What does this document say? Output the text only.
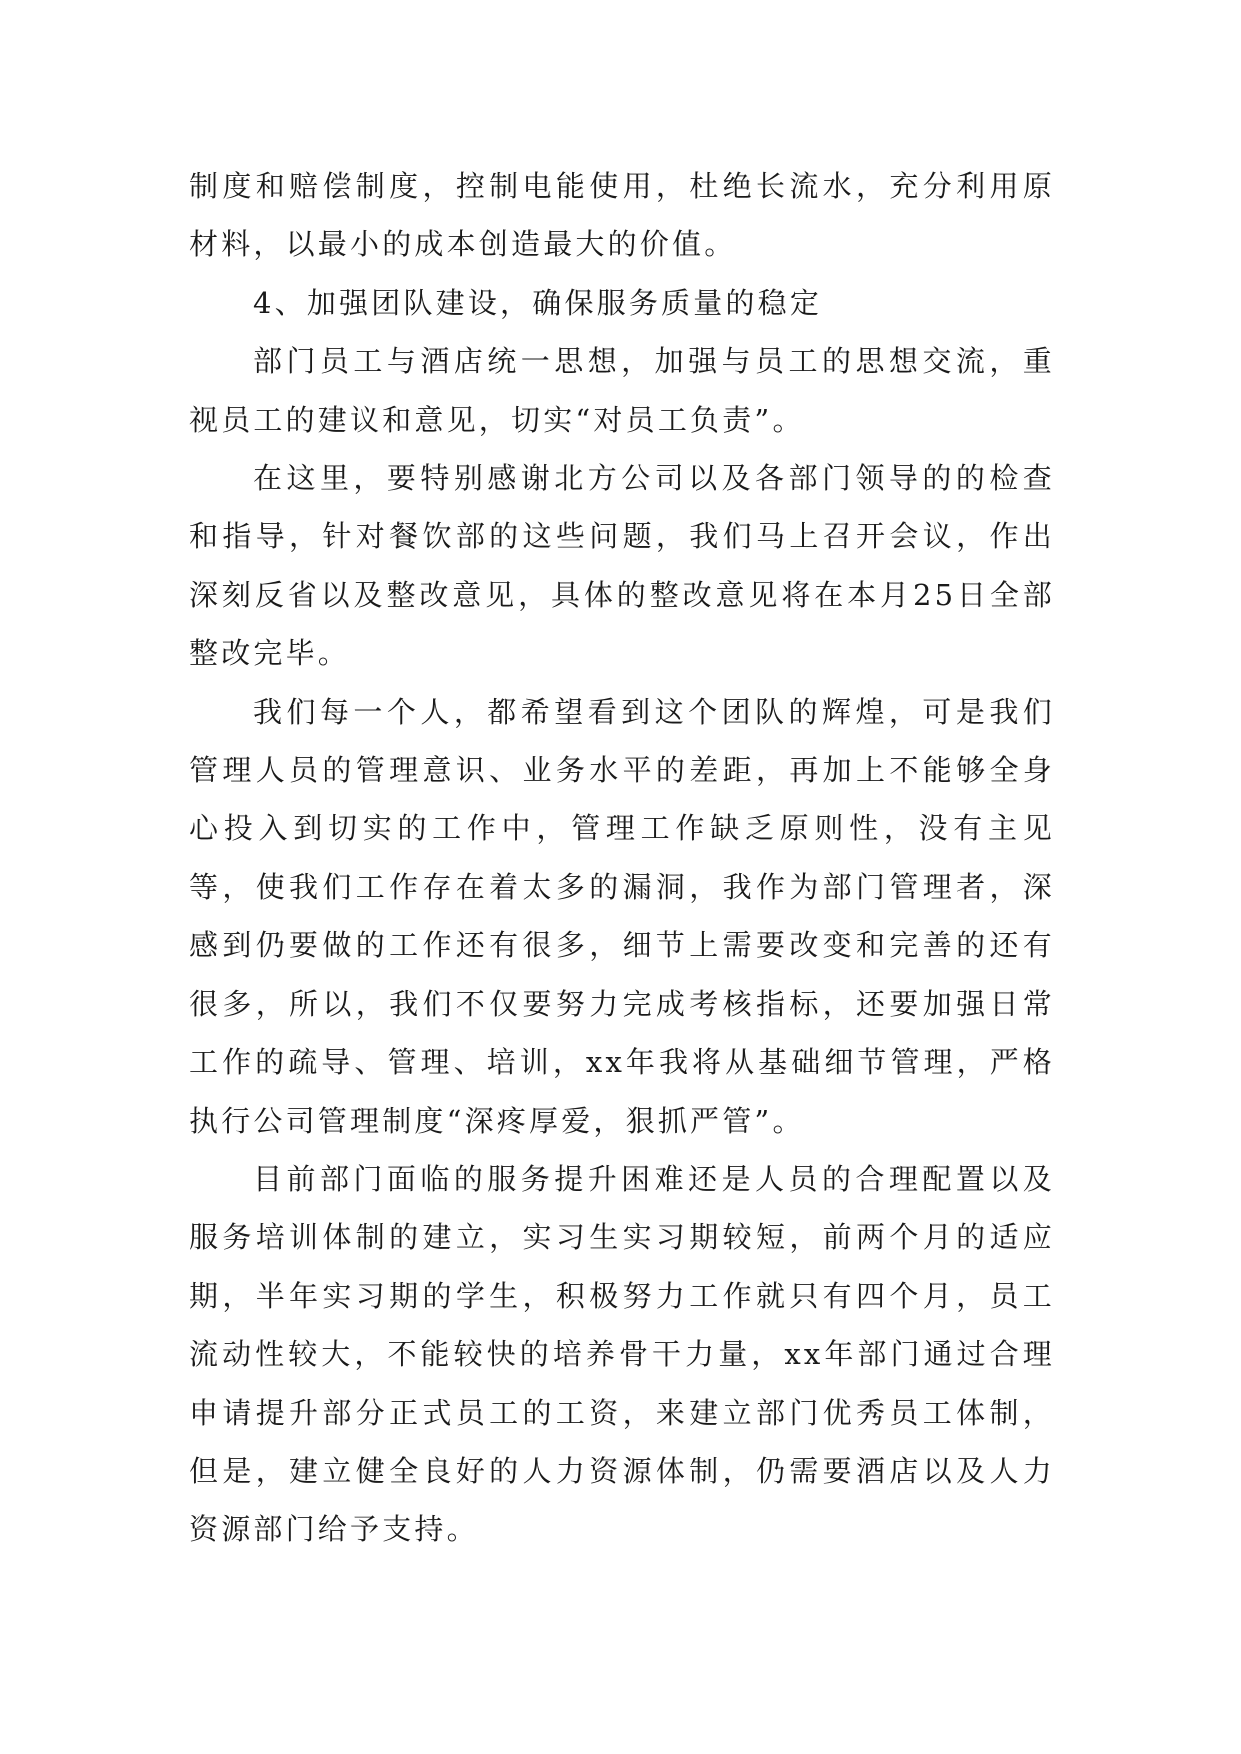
制度和赔偿制度，控制电能使用，杜绝长流水，充分利用原材料，以最小的成本创造最大的价值。

4、加强团队建设，确保服务质量的稳定

部门员工与酒店统一思想，加强与员工的思想交流，重视员工的建议和意见，切实“对员工负责”。

在这里，要特别感谢北方公司以及各部门领导的的检查和指导，针对餐饮部的这些问题，我们马上召开会议，作出深刻反省以及整改意见，具体的整改意见将在本月25日全部整改完毕。

我们每一个人，都希望看到这个团队的辉煌，可是我们管理人员的管理意识、业务水平的差距，再加上不能够全身心投入到切实的工作中，管理工作缺乏原则性，没有主见等，使我们工作存在着太多的漏洞，我作为部门管理者，深感到仍要做的工作还有很多，细节上需要改变和完善的还有很多，所以，我们不仅要努力完成考核指标，还要加强日常工作的疏导、管理、培训，xx年我将从基础细节管理，严格执行公司管理制度“深疼厚爱，狠抓严管”。

目前部门面临的服务提升困难还是人员的合理配置以及服务培训体制的建立，实习生实习期较短，前两个月的适应期，半年实习期的学生，积极努力工作就只有四个月，员工流动性较大，不能较快的培养骨干力量，xx年部门通过合理申请提升部分正式员工的工资，来建立部门优秀员工体制，但是，建立健全良好的人力资源体制，仍需要酒店以及人力资源部门给予支持。
